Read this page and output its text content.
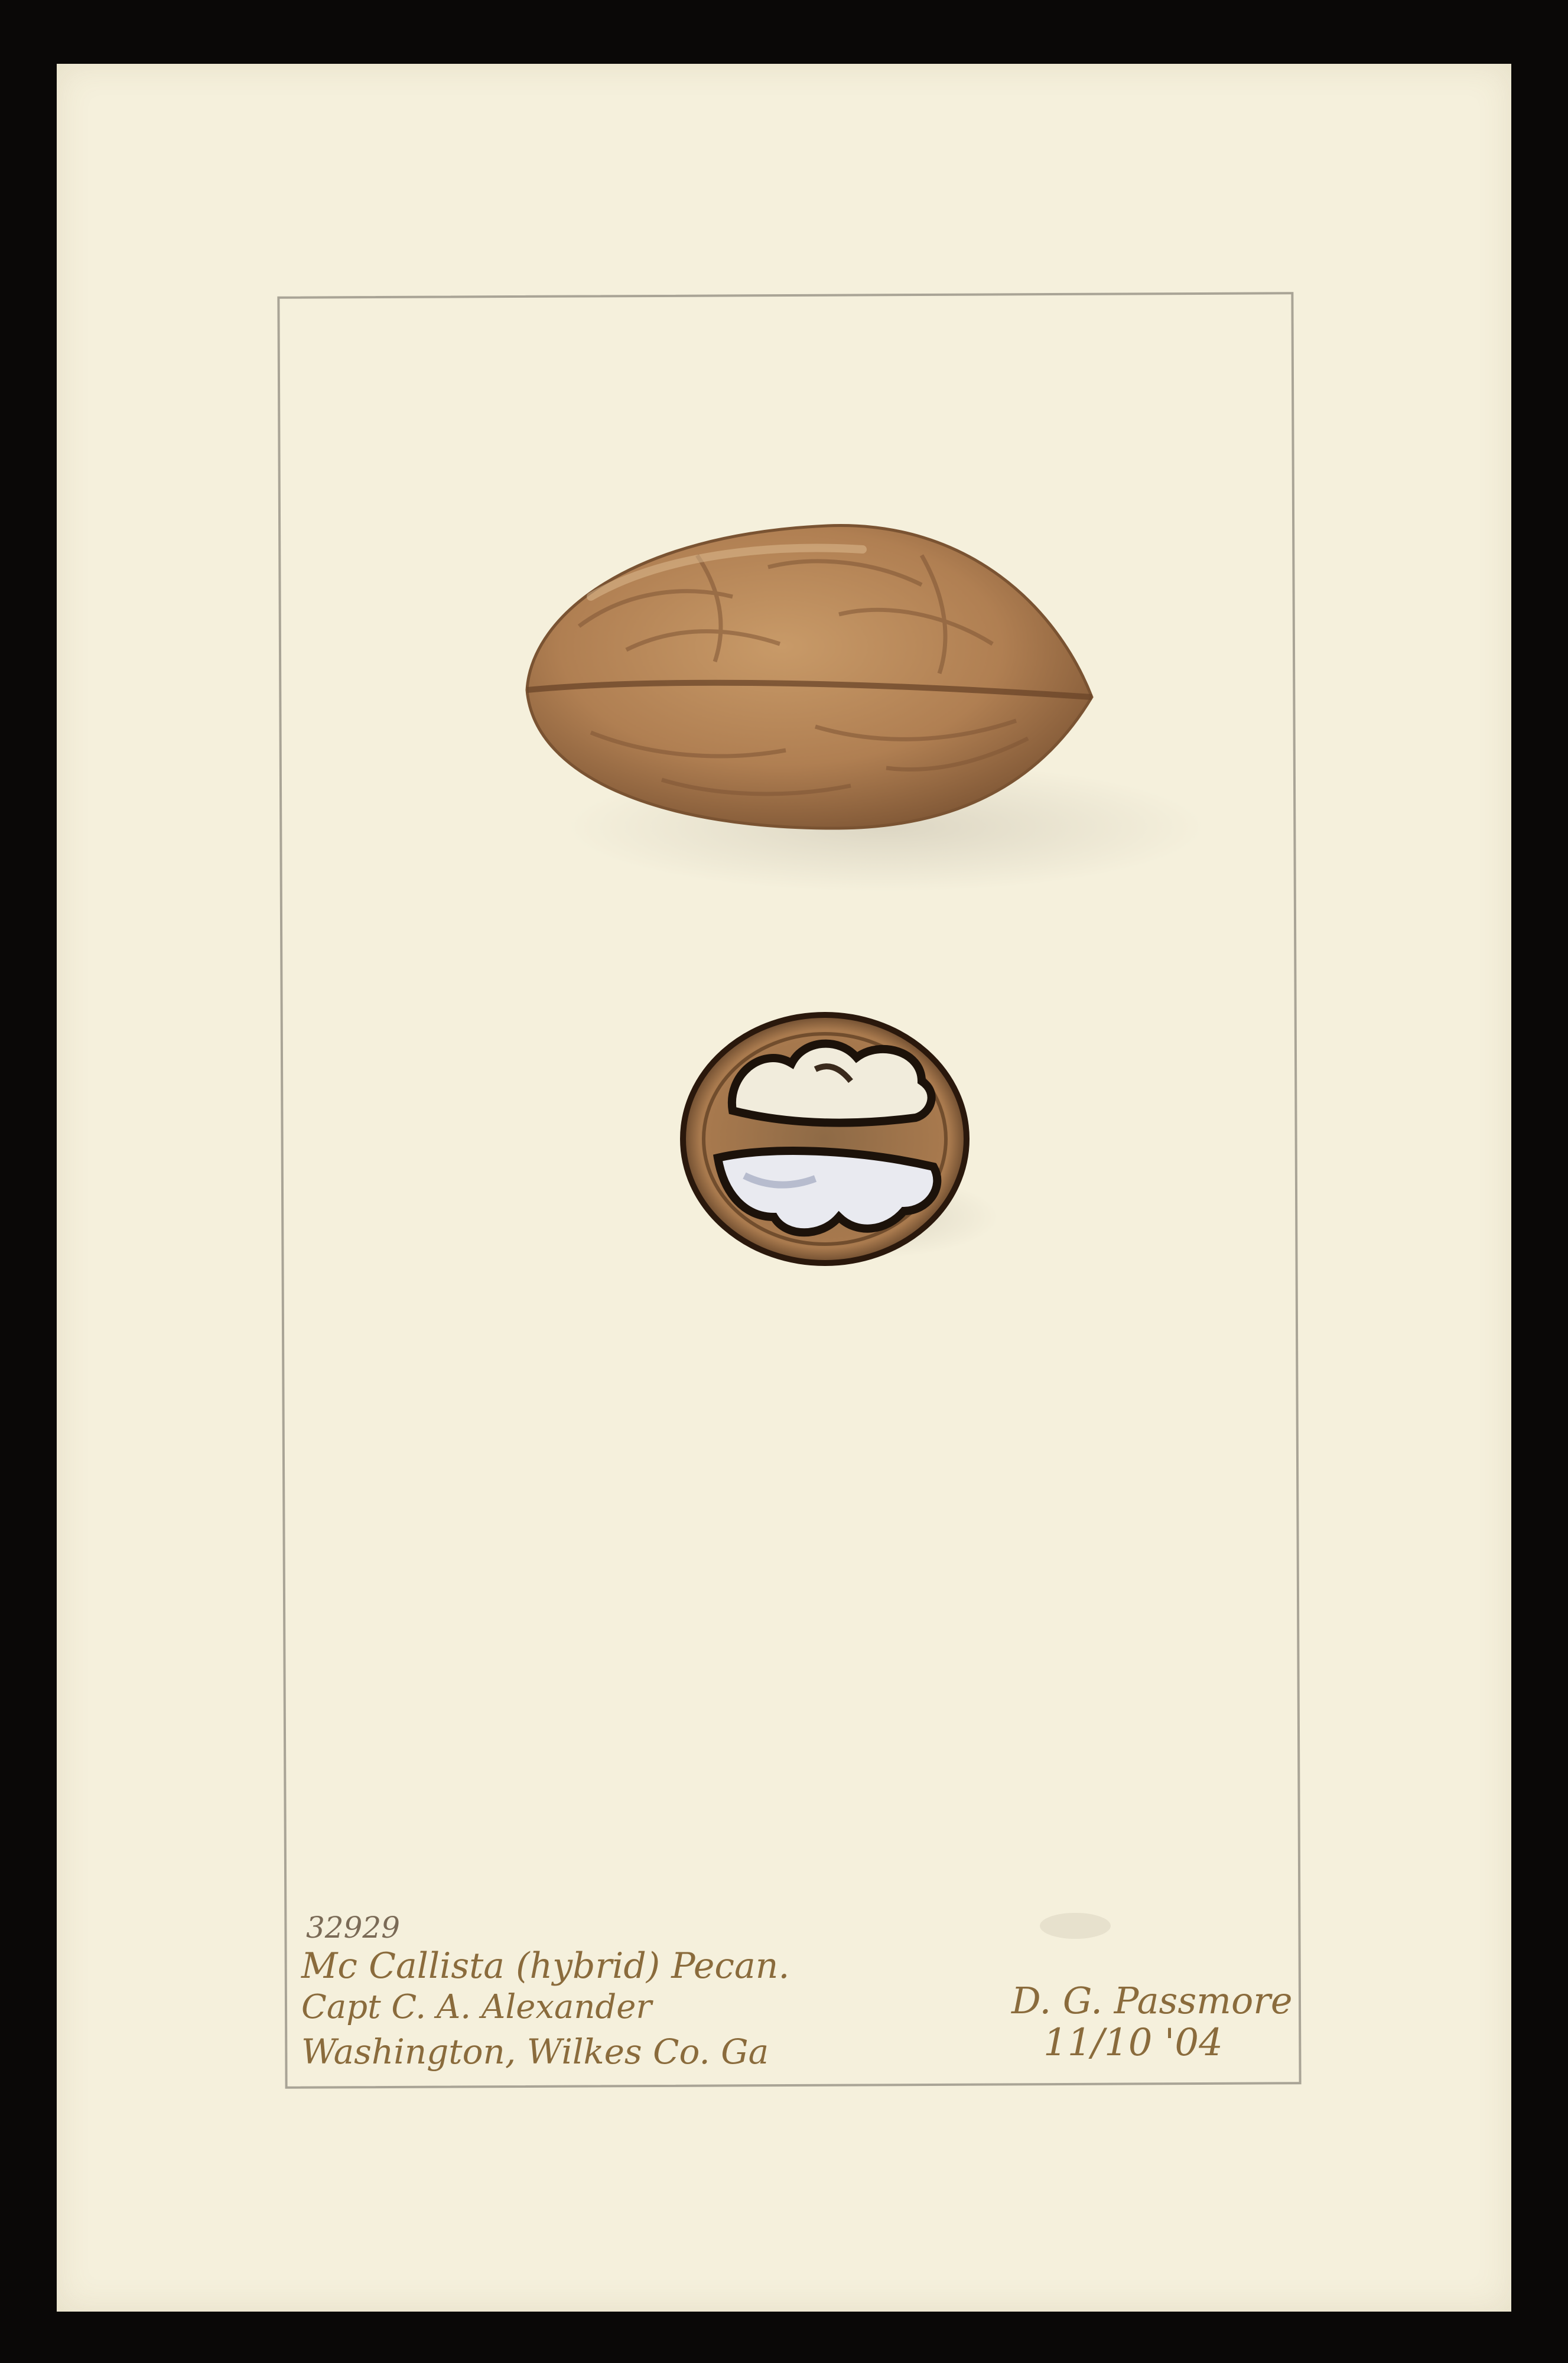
32929

Mc Callista (hybrid) Pecan.

Capt C. A. Alexander

Washington, Wilkes Co. Ga

D. G. Passmore

11/10 '04
